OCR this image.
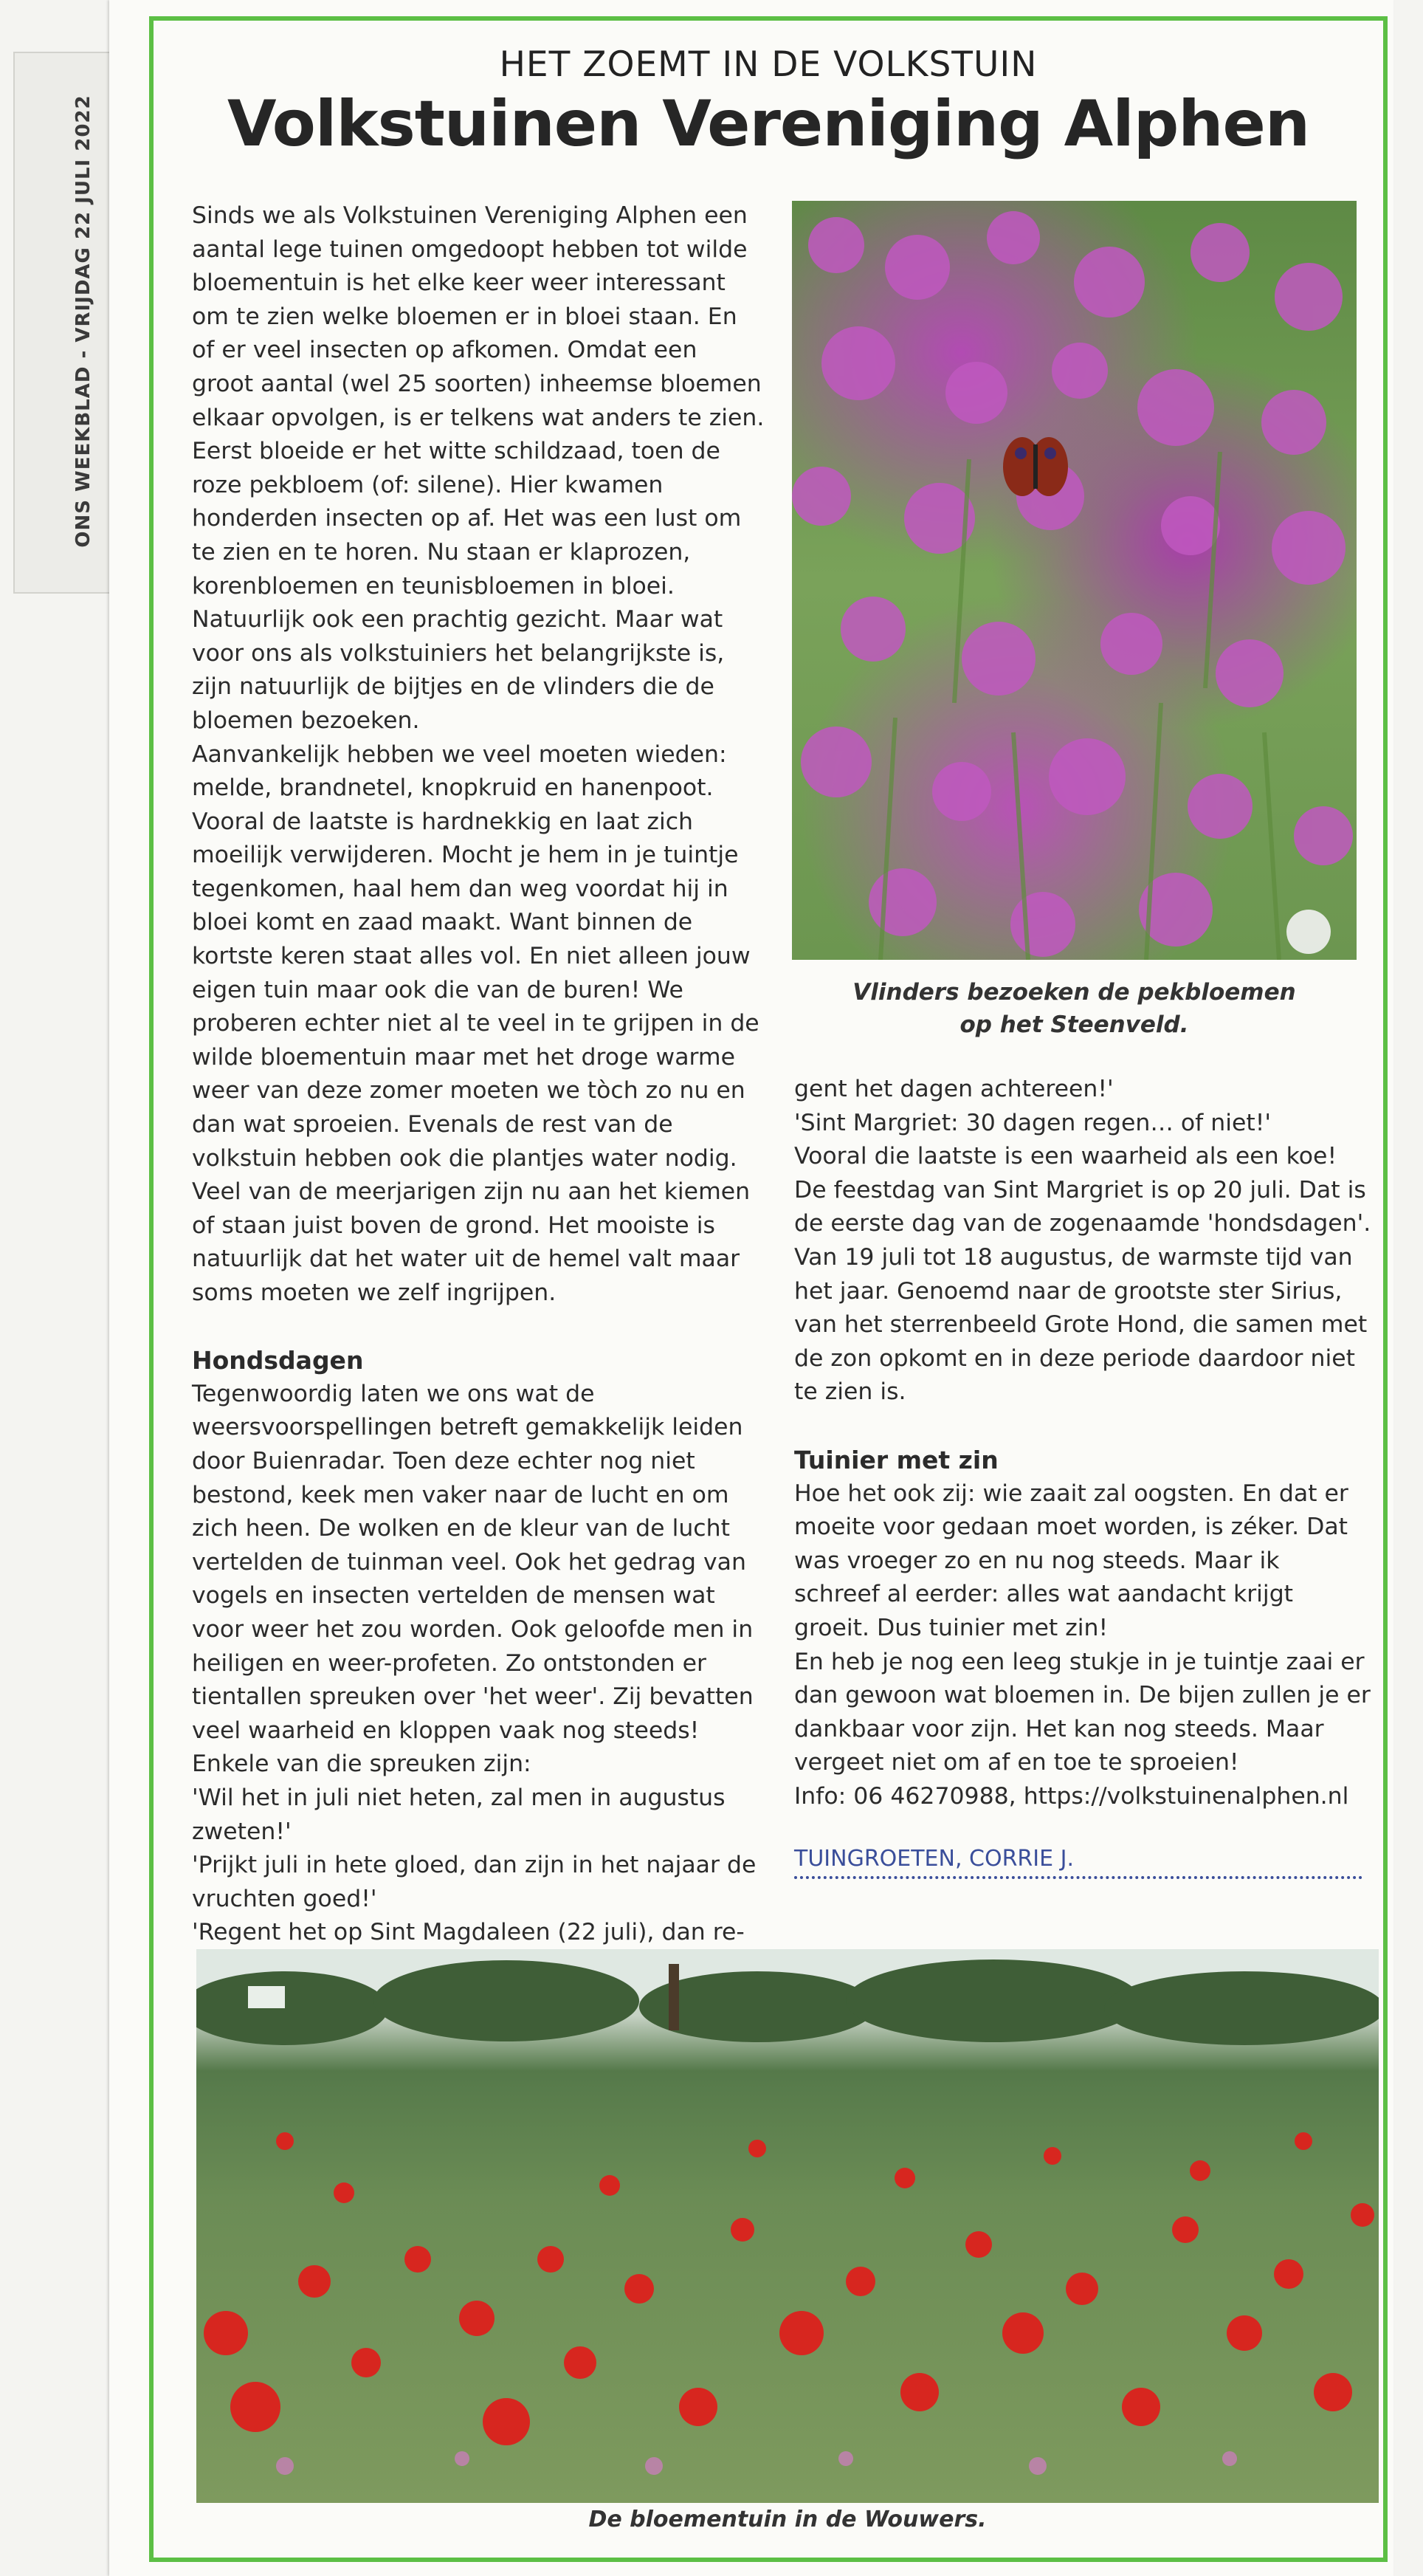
ONS WEEKBLAD - VRIJDAG 22 JULI 2022
HET ZOEMT IN DE VOLKSTUIN
Volkstuinen Vereniging Alphen

Sinds we als Volkstuinen Vereniging Alphen een aantal lege tuinen omgedoopt hebben tot wilde bloementuin is het elke keer weer interessant om te zien welke bloemen er in bloei staan. En of er veel insecten op afkomen. Omdat een groot aantal (wel 25 soorten) inheemse bloemen elkaar opvolgen, is er telkens wat anders te zien. Eerst bloeide er het witte schildzaad, toen de roze pekbloem (of: silene). Hier kwamen honderden insecten op af. Het was een lust om te zien en te horen. Nu staan er klaprozen, korenbloemen en teunisbloemen in bloei. Natuurlijk ook een prachtig gezicht. Maar wat voor ons als volkstuiniers het belangrijkste is, zijn natuurlijk de bijtjes en de vlinders die de bloemen bezoeken.

Aanvankelijk hebben we veel moeten wieden: melde, brandnetel, knopkruid en hanenpoot. Vooral de laatste is hardnekkig en laat zich moeilijk verwijderen. Mocht je hem in je tuintje tegenkomen, haal hem dan weg voordat hij in bloei komt en zaad maakt. Want binnen de kortste keren staat alles vol. En niet alleen jouw eigen tuin maar ook die van de buren! We proberen echter niet al te veel in te grijpen in de wilde bloementuin maar met het droge warme weer van deze zomer moeten we tòch zo nu en dan wat sproeien. Evenals de rest van de volkstuin hebben ook die plantjes water nodig. Veel van de meerjarigen zijn nu aan het kiemen of staan juist boven de grond. Het mooiste is natuurlijk dat het water uit de hemel valt maar soms moeten we zelf ingrijpen.

Hondsdagen

Tegenwoordig laten we ons wat de weersvoorspellingen betreft gemakkelijk leiden door Buienradar. Toen deze echter nog niet bestond, keek men vaker naar de lucht en om zich heen. De wolken en de kleur van de lucht vertelden de tuinman veel. Ook het gedrag van vogels en insecten vertelden de mensen wat voor weer het zou worden. Ook geloofde men in heiligen en weer-profeten. Zo ontstonden er tientallen spreuken over 'het weer'. Zij bevatten veel waarheid en kloppen vaak nog steeds! Enkele van die spreuken zijn:

'Wil het in juli niet heten, zal men in augustus zweten!'

'Prijkt juli in hete gloed, dan zijn in het najaar de vruchten goed!'

'Regent het op Sint Magdaleen (22 juli), dan re-

Vlinders bezoeken de pekbloemen
op het Steenveld.

gent het dagen achtereen!'

'Sint Margriet: 30 dagen regen… of niet!'

Vooral die laatste is een waarheid als een koe! De feestdag van Sint Margriet is op 20 juli. Dat is de eerste dag van de zogenaamde 'hondsdagen'. Van 19 juli tot 18 augustus, de warmste tijd van het jaar. Genoemd naar de grootste ster Sirius, van het sterrenbeeld Grote Hond, die samen met de zon opkomt en in deze periode daardoor niet te zien is.

Tuinier met zin

Hoe het ook zij: wie zaait zal oogsten. En dat er moeite voor gedaan moet worden, is zéker. Dat was vroeger zo en nu nog steeds. Maar ik schreef al eerder: alles wat aandacht krijgt groeit. Dus tuinier met zin!

En heb je nog een leeg stukje in je tuintje zaai er dan gewoon wat bloemen in. De bijen zullen je er dankbaar voor zijn. Het kan nog steeds. Maar vergeet niet om af en toe te sproeien!

Info: 06 46270988, https://volkstuinenalphen.nl

TUINGROETEN, CORRIE J.
De bloementuin in de Wouwers.
